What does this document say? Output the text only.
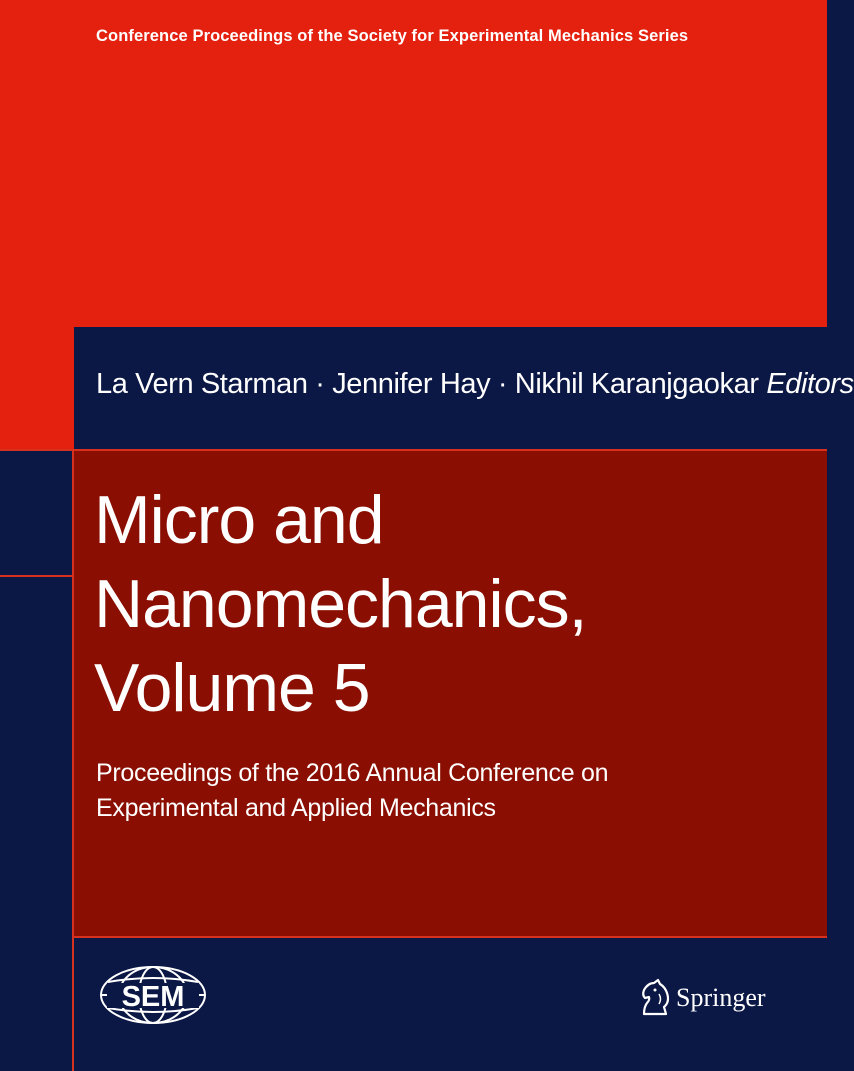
Conference Proceedings of the Society for Experimental Mechanics Series

La Vern Starman · Jennifer Hay · Nikhil Karanjgaokar Editors

Micro and
Nanomechanics,
Volume 5

Proceedings of the 2016 Annual Conference on
Experimental and Applied Mechanics

SEM	Springer
